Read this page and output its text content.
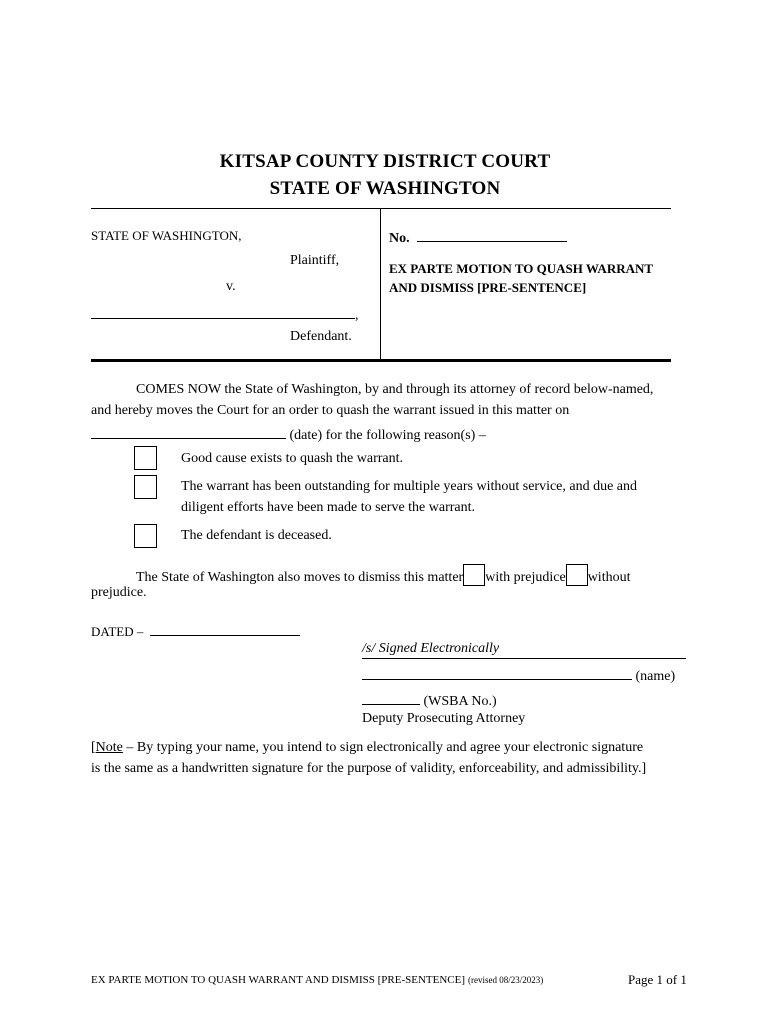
KITSAP COUNTY DISTRICT COURT
STATE OF WASHINGTON
STATE OF WASHINGTON,
Plaintiff,
v.
,
Defendant.
No.
EX PARTE MOTION TO QUASH WARRANT
AND DISMISS [PRE-SENTENCE]
COMES NOW the State of Washington, by and through its attorney of record below-named,
and hereby moves the Court for an order to quash the warrant issued in this matter on
(date) for the following reason(s) –
Good cause exists to quash the warrant.
The warrant has been outstanding for multiple years without service, and due and
diligent efforts have been made to serve the warrant.
The defendant is deceased.
The State of Washington also moves to dismiss this matter with prejudice without
prejudice.
DATED –
/s/ Signed Electronically
(name)
(WSBA No.)
Deputy Prosecuting Attorney
[Note – By typing your name, you intend to sign electronically and agree your electronic signature
is the same as a handwritten signature for the purpose of validity, enforceability, and admissibility.]
EX PARTE MOTION TO QUASH WARRANT AND DISMISS [PRE-SENTENCE] (revised 08/23/2023)	Page 1 of 1
